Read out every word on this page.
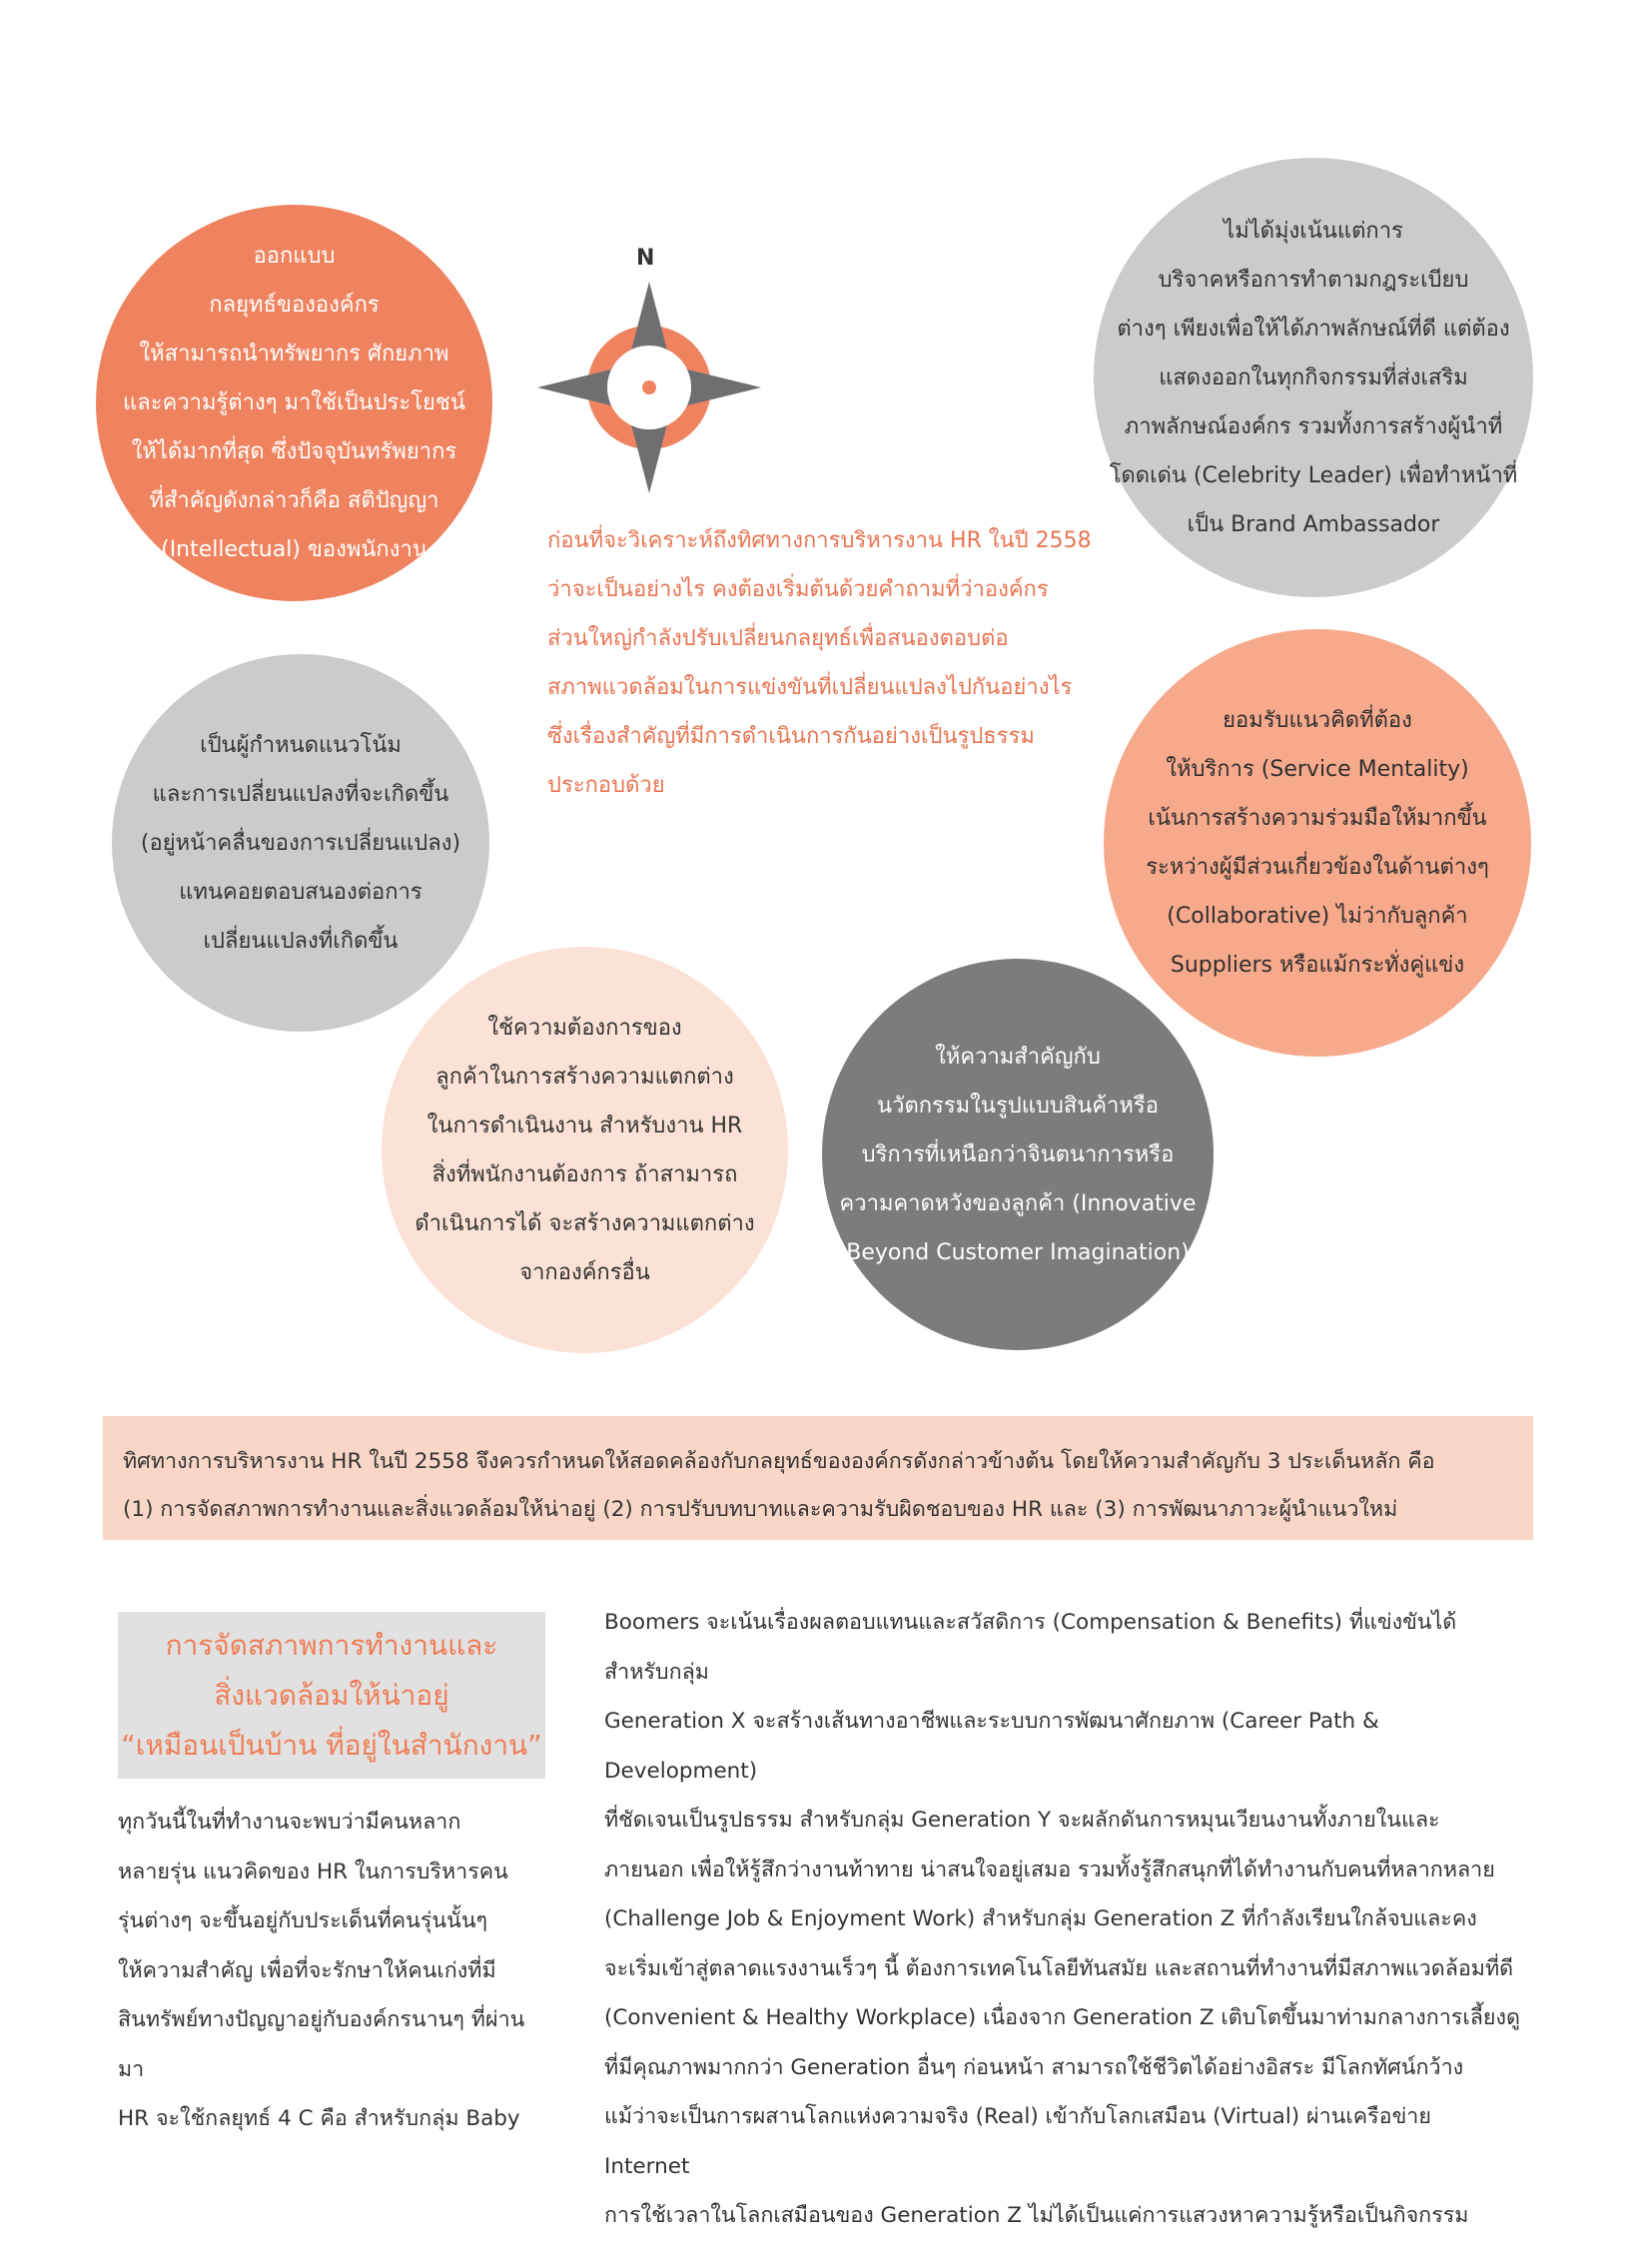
ออกแบบ
กลยุทธ์ขององค์กร
ให้สามารถนำทรัพยากร ศักยภาพ
และความรู้ต่างๆ มาใช้เป็นประโยชน์
ให้ได้มากที่สุด ซึ่งปัจจุบันทรัพยากร
ที่สำคัญดังกล่าวก็คือ สติปัญญา
(Intellectual) ของพนักงาน
ไม่ได้มุ่งเน้นแต่การ
บริจาคหรือการทำตามกฎระเบียบ
ต่างๆ เพียงเพื่อให้ได้ภาพลักษณ์ที่ดี แต่ต้อง
แสดงออกในทุกกิจกรรมที่ส่งเสริม
ภาพลักษณ์องค์กร รวมทั้งการสร้างผู้นำที่
โดดเด่น (Celebrity Leader) เพื่อทำหน้าที่
เป็น Brand Ambassador
เป็นผู้กำหนดแนวโน้ม
และการเปลี่ยนแปลงที่จะเกิดขึ้น
(อยู่หน้าคลื่นของการเปลี่ยนแปลง)
แทนคอยตอบสนองต่อการ
เปลี่ยนแปลงที่เกิดขึ้น
ยอมรับแนวคิดที่ต้อง
ให้บริการ (Service Mentality)
เน้นการสร้างความร่วมมือให้มากขึ้น
ระหว่างผู้มีส่วนเกี่ยวข้องในด้านต่างๆ
(Collaborative) ไม่ว่ากับลูกค้า
Suppliers หรือแม้กระทั่งคู่แข่ง
ใช้ความต้องการของ
ลูกค้าในการสร้างความแตกต่าง
ในการดำเนินงาน สำหรับงาน HR
สิ่งที่พนักงานต้องการ ถ้าสามารถ
ดำเนินการได้ จะสร้างความแตกต่าง
จากองค์กรอื่น
ให้ความสำคัญกับ
นวัตกรรมในรูปแบบสินค้าหรือ
บริการที่เหนือกว่าจินตนาการหรือ
ความคาดหวังของลูกค้า (Innovative
Beyond Customer Imagination)
N
ก่อนที่จะวิเคราะห์ถึงทิศทางการบริหารงาน HR ในปี 2558
ว่าจะเป็นอย่างไร คงต้องเริ่มต้นด้วยคำถามที่ว่าองค์กร
ส่วนใหญ่กำลังปรับเปลี่ยนกลยุทธ์เพื่อสนองตอบต่อ
สภาพแวดล้อมในการแข่งขันที่เปลี่ยนแปลงไปกันอย่างไร
ซึ่งเรื่องสำคัญที่มีการดำเนินการกันอย่างเป็นรูปธรรม
ประกอบด้วย
ทิศทางการบริหารงาน HR ในปี 2558 จึงควรกำหนดให้สอดคล้องกับกลยุทธ์ขององค์กรดังกล่าวข้างต้น โดยให้ความสำคัญกับ 3 ประเด็นหลัก คือ
(1) การจัดสภาพการทำงานและสิ่งแวดล้อมให้น่าอยู่ (2) การปรับบทบาทและความรับผิดชอบของ HR และ (3) การพัฒนาภาวะผู้นำแนวใหม่
การจัดสภาพการทำงานและ
สิ่งแวดล้อมให้น่าอยู่
“เหมือนเป็นบ้าน ที่อยู่ในสำนักงาน”
ทุกวันนี้ในที่ทำงานจะพบว่ามีคนหลาก
หลายรุ่น แนวคิดของ HR ในการบริหารคน
รุ่นต่างๆ จะขึ้นอยู่กับประเด็นที่คนรุ่นนั้นๆ
ให้ความสำคัญ เพื่อที่จะรักษาให้คนเก่งที่มี
สินทรัพย์ทางปัญญาอยู่กับองค์กรนานๆ ที่ผ่านมา
HR จะใช้กลยุทธ์ 4 C คือ สำหรับกลุ่ม Baby
Boomers จะเน้นเรื่องผลตอบแทนและสวัสดิการ (Compensation & Benefits) ที่แข่งขันได้ สำหรับกลุ่ม
Generation X จะสร้างเส้นทางอาชีพและระบบการพัฒนาศักยภาพ (Career Path & Development)
ที่ชัดเจนเป็นรูปธรรม สำหรับกลุ่ม Generation Y จะผลักดันการหมุนเวียนงานทั้งภายในและ
ภายนอก เพื่อให้รู้สึกว่างานท้าทาย น่าสนใจอยู่เสมอ รวมทั้งรู้สึกสนุกที่ได้ทำงานกับคนที่หลากหลาย
(Challenge Job & Enjoyment Work) สำหรับกลุ่ม Generation Z ที่กำลังเรียนใกล้จบและคง
จะเริ่มเข้าสู่ตลาดแรงงานเร็วๆ นี้ ต้องการเทคโนโลยีทันสมัย และสถานที่ทำงานที่มีสภาพแวดล้อมที่ดี
(Convenient & Healthy Workplace) เนื่องจาก Generation Z เติบโตขึ้นมาท่ามกลางการเลี้ยงดู
ที่มีคุณภาพมากกว่า Generation อื่นๆ ก่อนหน้า สามารถใช้ชีวิตได้อย่างอิสระ มีโลกทัศน์กว้าง
แม้ว่าจะเป็นการผสานโลกแห่งความจริง (Real) เข้ากับโลกเสมือน (Virtual) ผ่านเครือข่าย Internet
การใช้เวลาในโลกเสมือนของ Generation Z ไม่ได้เป็นแค่การแสวงหาความรู้หรือเป็นกิจกรรม
